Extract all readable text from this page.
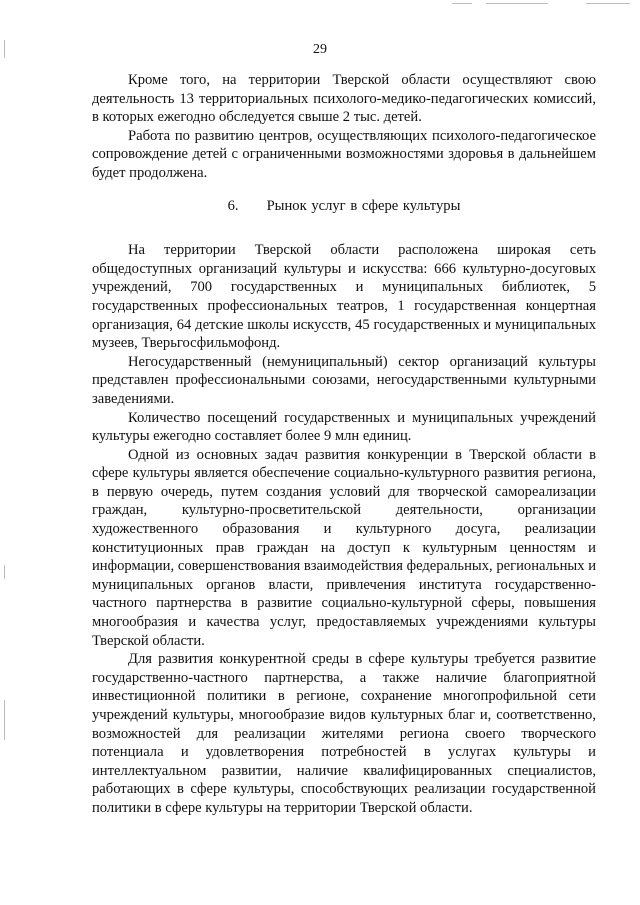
29

Кроме того, на территории Тверской области осуществляют свою деятельность 13 территориальных психолого-медико-педагогических комиссий, в которых ежегодно обследуется свыше 2 тыс. детей.

Работа по развитию центров, осуществляющих психолого-педагогическое сопровождение детей с ограниченными возможностями здоровья в дальнейшем будет продолжена.

6. Рынок услуг в сфере культуры

На территории Тверской области расположена широкая сеть общедоступных организаций культуры и искусства: 666 культурно-досуговых учреждений, 700 государственных и муниципальных библиотек, 5 государственных профессиональных театров, 1 государственная концертная организация, 64 детские школы искусств, 45 государственных и муниципальных музеев, Тверьгосфильмофонд.

Негосударственный (немуниципальный) сектор организаций культуры представлен профессиональными союзами, негосударственными культурными заведениями.

Количество посещений государственных и муниципальных учреждений культуры ежегодно составляет более 9 млн единиц.

Одной из основных задач развития конкуренции в Тверской области в сфере культуры является обеспечение социально-культурного развития региона, в первую очередь, путем создания условий для творческой самореализации граждан, культурно-просветительской деятельности, организации художественного образования и культурного досуга, реализации конституционных прав граждан на доступ к культурным ценностям и информации, совершенствования взаимодействия федеральных, региональных и муниципальных органов власти, привлечения института государственно-частного партнерства в развитие социально-культурной сферы, повышения многообразия и качества услуг, предоставляемых учреждениями культуры Тверской области.

Для развития конкурентной среды в сфере культуры требуется развитие государственно-частного партнерства, а также наличие благоприятной инвестиционной политики в регионе, сохранение многопрофильной сети учреждений культуры, многообразие видов культурных благ и, соответственно, возможностей для реализации жителями региона своего творческого потенциала и удовлетворения потребностей в услугах культуры и интеллектуальном развитии, наличие квалифицированных специалистов, работающих в сфере культуры, способствующих реализации государственной политики в сфере культуры на территории Тверской области.
